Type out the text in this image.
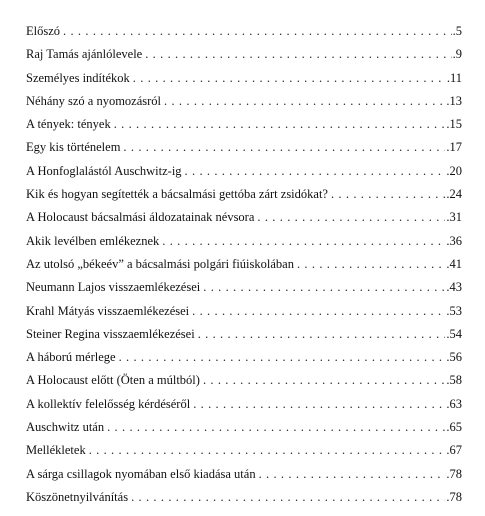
Előszó . . .	.5
Raj Tamás ajánlólevele . . .	.9
Személyes indítékok . . .	.11
Néhány szó a nyomozásról . . .	.13
A tények: tények . . .	.15
Egy kis történelem . . .	.17
A Honfoglalástól Auschwitz-ig . . .	.20
Kik és hogyan segítették a bácsalmási gettóba zárt zsidókat? . . .	.24
A Holocaust bácsalmási áldozatainak névsora . . .	.31
Akik levélben emlékeznek . . .	.36
Az utolsó „békeév” a bácsalmási polgári fiúiskolában . . .	.41
Neumann Lajos visszaemlékezései . . .	.43
Krahl Mátyás visszaemlékezései . . .	.53
Steiner Regina visszaemlékezései . . .	.54
A háború mérlege . . .	.56
A Holocaust előtt (Öten a múltból) . . .	.58
A kollektív felelősség kérdéséről . . .	.63
Auschwitz után . . .	.65
Mellékletek . . .	.67
A sárga csillagok nyomában első kiadása után . . .	.78
Köszönetnyilvánítás . . .	.78
